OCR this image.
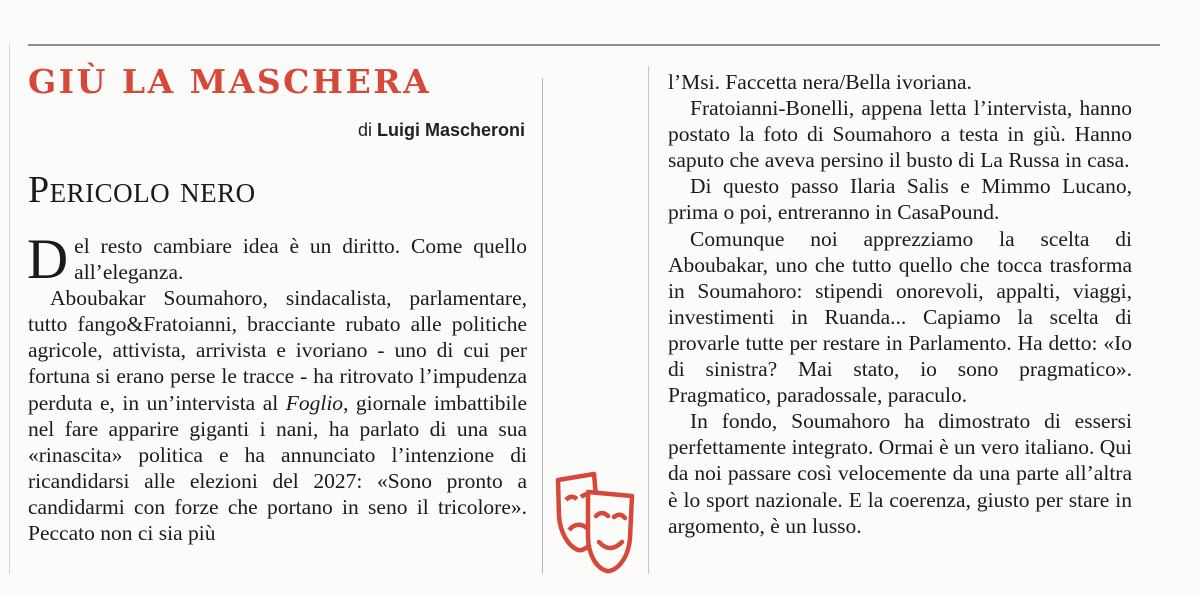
GIÙ LA MASCHERA
di Luigi Mascheroni
Pericolo nero

Del resto cambiare idea è un diritto. Come quello all’eleganza.

Aboubakar Soumahoro, sindacalista, parlamentare, tutto fango&Fratoianni, bracciante rubato alle politiche agricole, attivista, arrivista e ivoriano - uno di cui per fortuna si erano perse le tracce - ha ritrovato l’impudenza perduta e, in un’intervista al Foglio, giornale imbattibile nel fare apparire giganti i nani, ha parlato di una sua «rinascita» politica e ha annunciato l’intenzione di ricandidarsi alle elezioni del 2027: «Sono pronto a candidarmi con forze che portano in seno il tricolore». Peccato non ci sia più

l’Msi. Faccetta nera/Bella ivoriana.

Fratoianni-Bonelli, appena letta l’intervista, hanno postato la foto di Soumahoro a testa in giù. Hanno saputo che aveva persino il busto di La Russa in casa.

Di questo passo Ilaria Salis e Mimmo Lucano, prima o poi, entreranno in CasaPound.

Comunque noi apprezziamo la scelta di Aboubakar, uno che tutto quello che tocca trasforma in Soumahoro: stipendi onorevoli, appalti, viaggi, investimenti in Ruanda... Capiamo la scelta di provarle tutte per restare in Parlamento. Ha detto: «Io di sinistra? Mai stato, io sono pragmatico». Pragmatico, paradossale, paraculo.

In fondo, Soumahoro ha dimostrato di essersi perfettamente integrato. Ormai è un vero italiano. Qui da noi passare così velocemente da una parte all’altra è lo sport nazionale. E la coerenza, giusto per stare in argomento, è un lusso.
